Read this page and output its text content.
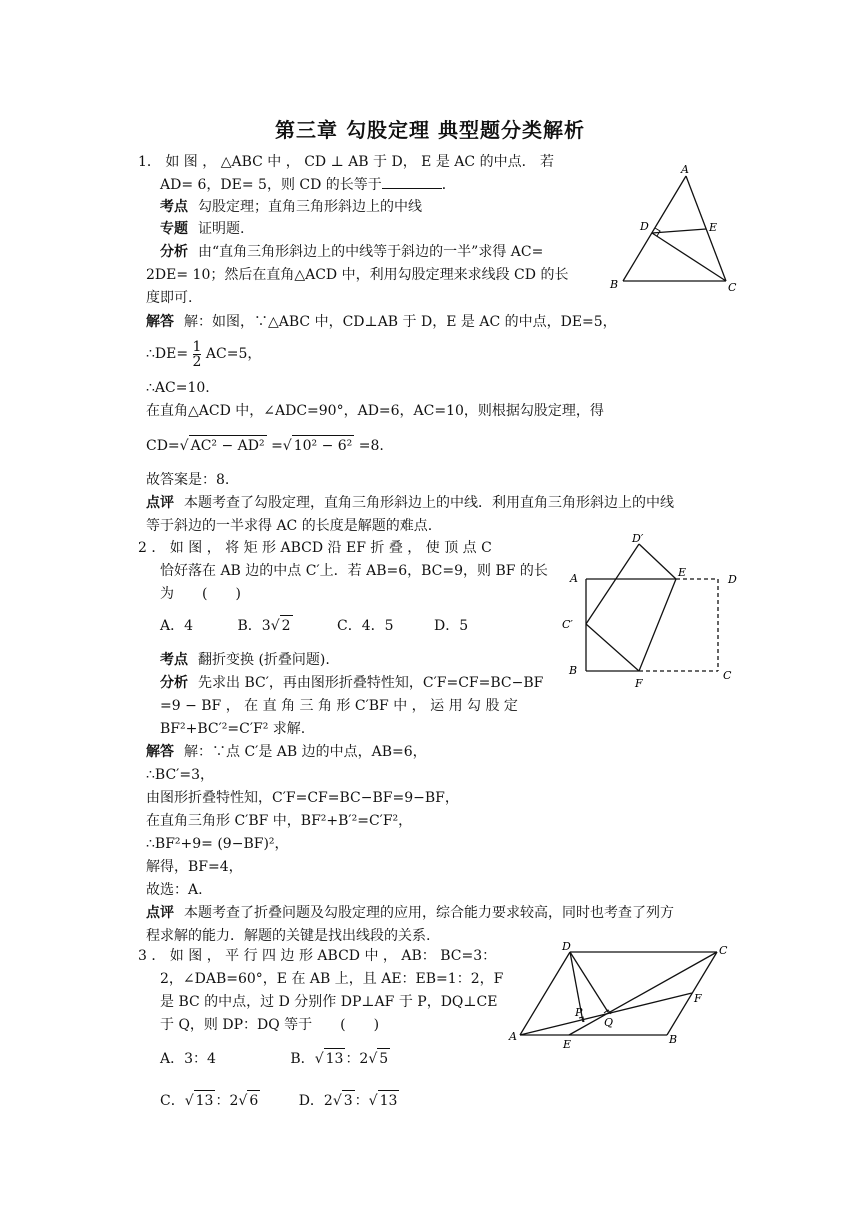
第三章 勾股定理 典型题分类解析
1． 如 图 ， △ABC 中 ， CD ⊥ AB 于 D， E 是 AC 的中点． 若
AD= 6，DE= 5，则 CD 的长等于	．
考点 勾股定理；直角三角形斜边上的中线
专题 证明题.
分析 由“直角三角形斜边上的中线等于斜边的一半”求得 AC=
2DE= 10；然后在直角△ACD 中，利用勾股定理来求线段 CD 的长
度即可.
解答 解：如图，∵△ABC 中，CD⊥AB 于 D，E 是 AC 的中点，DE=5，
∴DE= $\frac{1}{2} AC=5$，
∴AC=10.
在直角△ACD 中，∠ADC=90°，AD=6，AC=10，则根据勾股定理，得
CD=√ AC² − AD² =√ 10² − 6² =8.
故答案是：8.
点评 本题考查了勾股定理，直角三角形斜边上的中线．利用直角三角形斜边上的中线
等于斜边的一半求得 AC 的长度是解题的难点.
A
B	C
D	E
2 ． 如 图 ， 将 矩 形 ABCD 沿 EF 折 叠 ， 使 顶 点 C
恰好落在 AB 边的中点 C′上．若 AB=6，BC=9，则 BF 的长
为　　(　　)
A．4	B．3√ 2	C．4．5	D．5
考点 翻折变换 (折叠问题).
分析 先求出 BC′，再由图形折叠特性知，C′F=CF=BC−BF
=9 − BF ， 在 直 角 三 角 形 C′BF 中 ， 运 用 勾 股 定
BF²+BC′²=C′F² 求解.
解答 解：∵点 C′是 AB 边的中点，AB=6，
∴BC′=3，
由图形折叠特性知，C′F=CF=BC−BF=9−BF，
在直角三角形 C′BF 中，BF²+B′²=C′F²，
∴BF²+9= (9−BF)²，
解得，BF=4，
故选：A.
点评 本题考查了折叠问题及勾股定理的应用，综合能力要求较高，同时也考查了列方
程求解的能力．解题的关键是找出线段的关系.
D′
A	E
D
C′
B
F
C
3 ． 如 图 ， 平 行 四 边 形 ABCD 中 ， AB： BC=3：
2，∠DAB=60°，E 在 AB 上，且 AE：EB=1：2，F
是 BC 的中点，过 D 分别作 DP⊥AF 于 P，DQ⊥CE
于 Q，则 DP：DQ 等于　　(　　)
A．3：4	B．√ 13 ：2√ 5
C．√ 13 ：2√ 6	D．2√ 3 ：√ 13
D	C
F
P
Q
A
E	B
